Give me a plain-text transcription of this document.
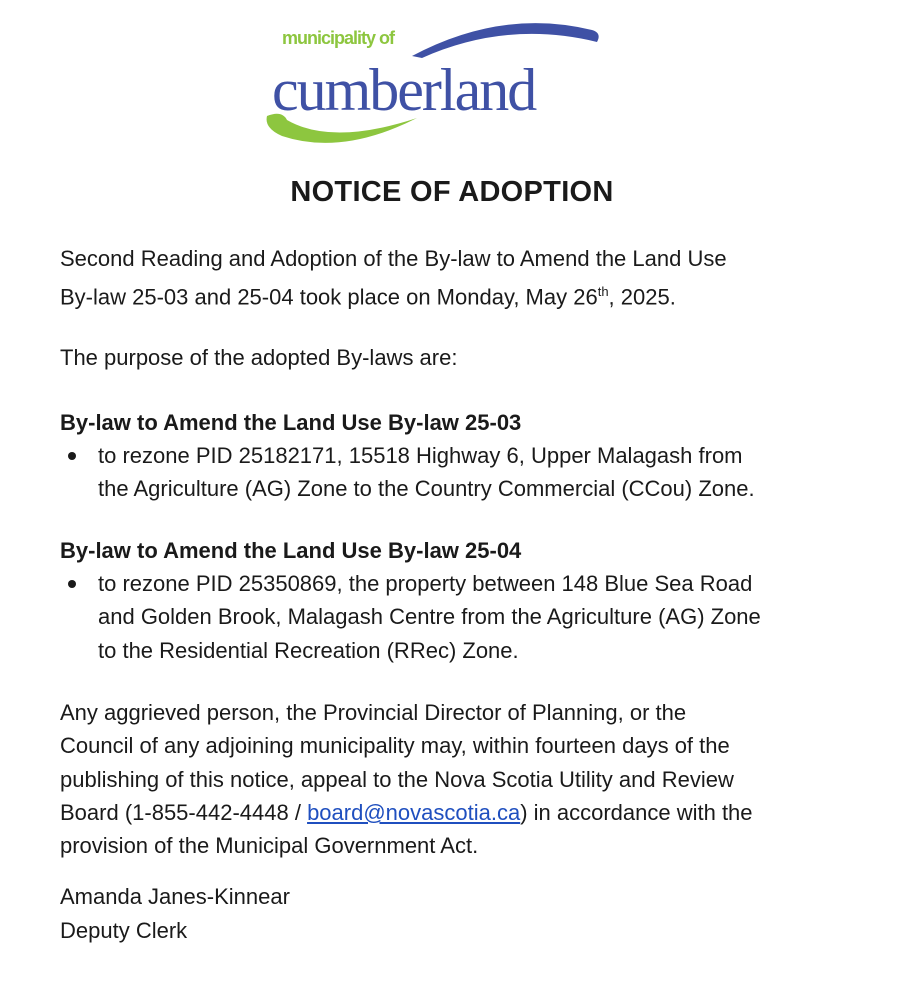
municipality of
cumberland
NOTICE OF ADOPTION
Second Reading and Adoption of the By-law to Amend the Land Use
By-law 25-03 and 25-04 took place on Monday, May 26th, 2025.
The purpose of the adopted By-laws are:
By-law to Amend the Land Use By-law 25-03
to rezone PID 25182171, 15518 Highway 6, Upper Malagash from
the Agriculture (AG) Zone to the Country Commercial (CCou) Zone.
By-law to Amend the Land Use By-law 25-04
to rezone PID 25350869, the property between 148 Blue Sea Road
and Golden Brook, Malagash Centre from the Agriculture (AG) Zone
to the Residential Recreation (RRec) Zone.
Any aggrieved person, the Provincial Director of Planning, or the
Council of any adjoining municipality may, within fourteen days of the
publishing of this notice, appeal to the Nova Scotia Utility and Review
Board (1-855-442-4448 / board@novascotia.ca) in accordance with the
provision of the Municipal Government Act.
Amanda Janes-Kinnear
Deputy Clerk
